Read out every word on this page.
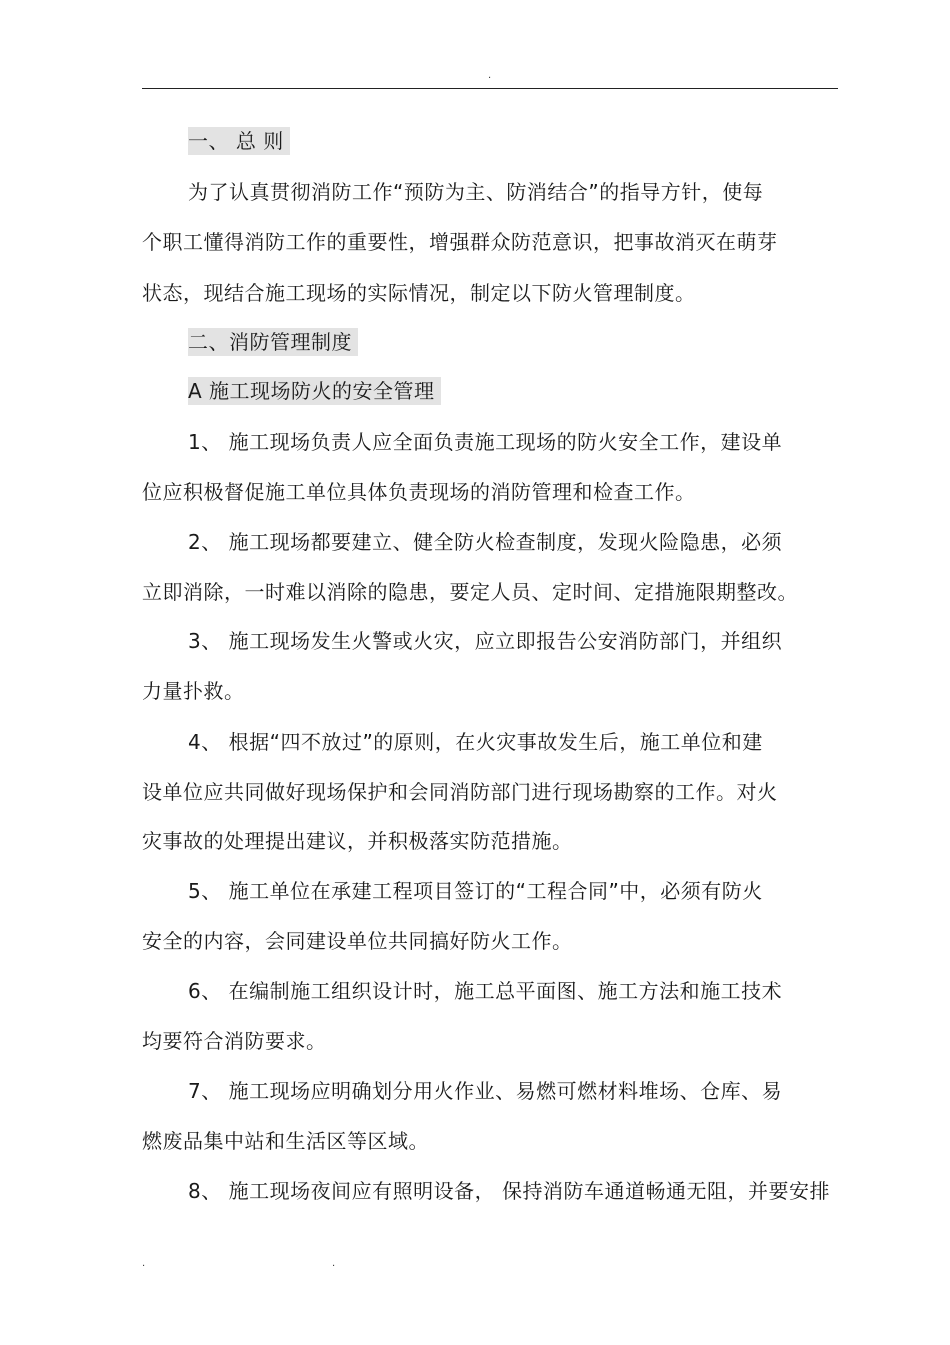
.
一、 总 则
为了认真贯彻消防工作“预防为主、防消结合”的指导方针，使每
个职工懂得消防工作的重要性，增强群众防范意识，把事故消灭在萌芽
状态，现结合施工现场的实际情况，制定以下防火管理制度。
二、消防管理制度
A 施工现场防火的安全管理
1、 施工现场负责人应全面负责施工现场的防火安全工作，建设单
位应积极督促施工单位具体负责现场的消防管理和检查工作。
2、 施工现场都要建立、健全防火检查制度，发现火险隐患，必须
立即消除，一时难以消除的隐患，要定人员、定时间、定措施限期整改。
3、 施工现场发生火警或火灾，应立即报告公安消防部门，并组织
力量扑救。
4、 根据“四不放过”的原则，在火灾事故发生后，施工单位和建
设单位应共同做好现场保护和会同消防部门进行现场勘察的工作。对火
灾事故的处理提出建议，并积极落实防范措施。
5、 施工单位在承建工程项目签订的“工程合同”中，必须有防火
安全的内容，会同建设单位共同搞好防火工作。
6、 在编制施工组织设计时，施工总平面图、施工方法和施工技术
均要符合消防要求。
7、 施工现场应明确划分用火作业、易燃可燃材料堆场、仓库、易
燃废品集中站和生活区等区域。
8、 施工现场夜间应有照明设备， 保持消防车通道畅通无阻，并要安排
.	.
